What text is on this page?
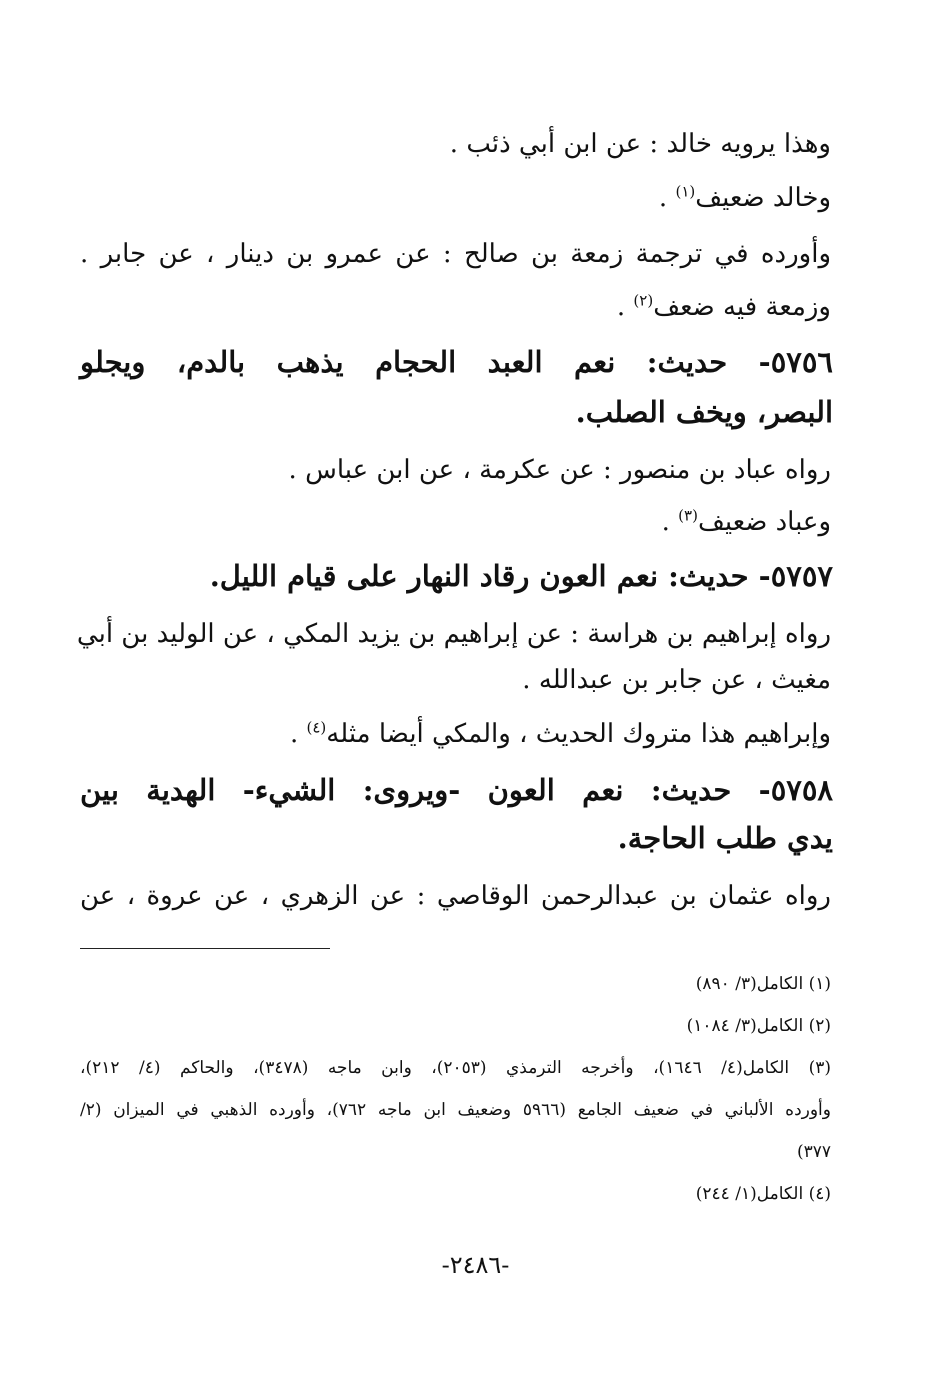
وهذا يرويه خالد : عن ابن أبي ذئب .
وخالد ضعيف$^{(١)}$ .
وأورده في ترجمة زمعة بن صالح : عن عمرو بن دينار ، عن جابر .
وزمعة فيه ضعف$^{(٢)}$ .
٥٧٥٦- حديث: نعم العبد الحجام يذهب بالدم، ويجلو
البصر، ويخف الصلب.
رواه عباد بن منصور : عن عكرمة ، عن ابن عباس .
وعباد ضعيف$^{(٣)}$ .
٥٧٥٧- حديث: نعم العون رقاد النهار على قيام الليل.
رواه إبراهيم بن هراسة : عن إبراهيم بن يزيد المكي ، عن الوليد بن أبي
مغيث ، عن جابر بن عبدالله .
وإبراهيم هذا متروك الحديث ، والمكي أيضا مثله$^{(٤)}$ .
٥٧٥٨- حديث: نعم العون -ويروى: الشيء- الهدية بين
يدي طلب الحاجة.
رواه عثمان بن عبدالرحمن الوقاصي : عن الزهري ، عن عروة ، عن
(١) الكامل(٣/ ٨٩٠)
(٢) الكامل(٣/ ١٠٨٤)
(٣) الكامل(٤/ ١٦٤٦)، وأخرجه الترمذي (٢٠٥٣)، وابن ماجه (٣٤٧٨)، والحاكم (٤/ ٢١٢)،
وأورده الألباني في ضعيف الجامع (٥٩٦٦ وضعيف ابن ماجه ٧٦٢)، وأورده الذهبي في الميزان (٢/
٣٧٧)
(٤) الكامل(١/ ٢٤٤)
-٢٤٨٦-
